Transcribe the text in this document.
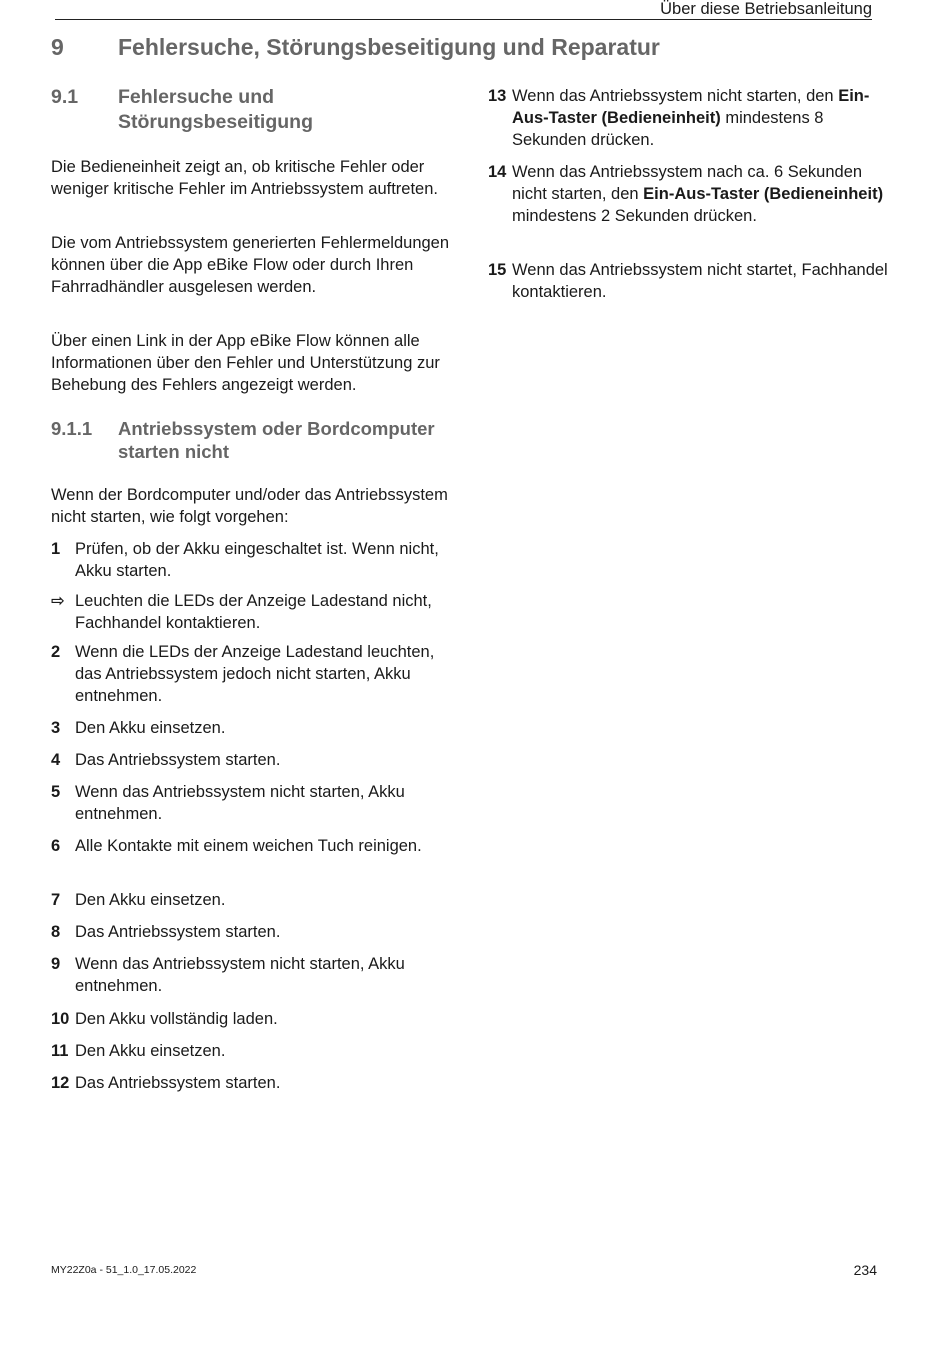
Über diese Betriebsanleitung
9 Fehlersuche, Störungsbeseitigung und Reparatur
9.1 Fehlersuche und Störungsbeseitigung

Die Bedieneinheit zeigt an, ob kritische Fehler oder weniger kritische Fehler im Antriebssystem auftreten.

Die vom Antriebssystem generierten Fehlermeldungen können über die App eBike Flow oder durch Ihren Fahrradhändler ausgelesen werden.

Über einen Link in der App eBike Flow können alle Informationen über den Fehler und Unterstützung zur Behebung des Fehlers angezeigt werden.

9.1.1 Antriebssystem oder Bordcomputer starten nicht

Wenn der Bordcomputer und/oder das Antriebssystem nicht starten, wie folgt vorgehen:

1 Prüfen, ob der Akku eingeschaltet ist. Wenn nicht, Akku starten.
⇨ Leuchten die LEDs der Anzeige Ladestand nicht, Fachhandel kontaktieren.
2 Wenn die LEDs der Anzeige Ladestand leuchten, das Antriebssystem jedoch nicht starten, Akku entnehmen.
3 Den Akku einsetzen.
4 Das Antriebssystem starten.
5 Wenn das Antriebssystem nicht starten, Akku entnehmen.
6 Alle Kontakte mit einem weichen Tuch reinigen.
7 Den Akku einsetzen.
8 Das Antriebssystem starten.
9 Wenn das Antriebssystem nicht starten, Akku entnehmen.
10 Den Akku vollständig laden.
11 Den Akku einsetzen.
12 Das Antriebssystem starten.
13 Wenn das Antriebssystem nicht starten, den Ein-Aus-Taster (Bedieneinheit) mindestens 8 Sekunden drücken.
14 Wenn das Antriebssystem nach ca. 6 Sekunden nicht starten, den Ein-Aus-Taster (Bedieneinheit) mindestens 2 Sekunden drücken.
15 Wenn das Antriebssystem nicht startet, Fachhandel kontaktieren.
MY22Z0a - 51_1.0_17.05.2022	234
